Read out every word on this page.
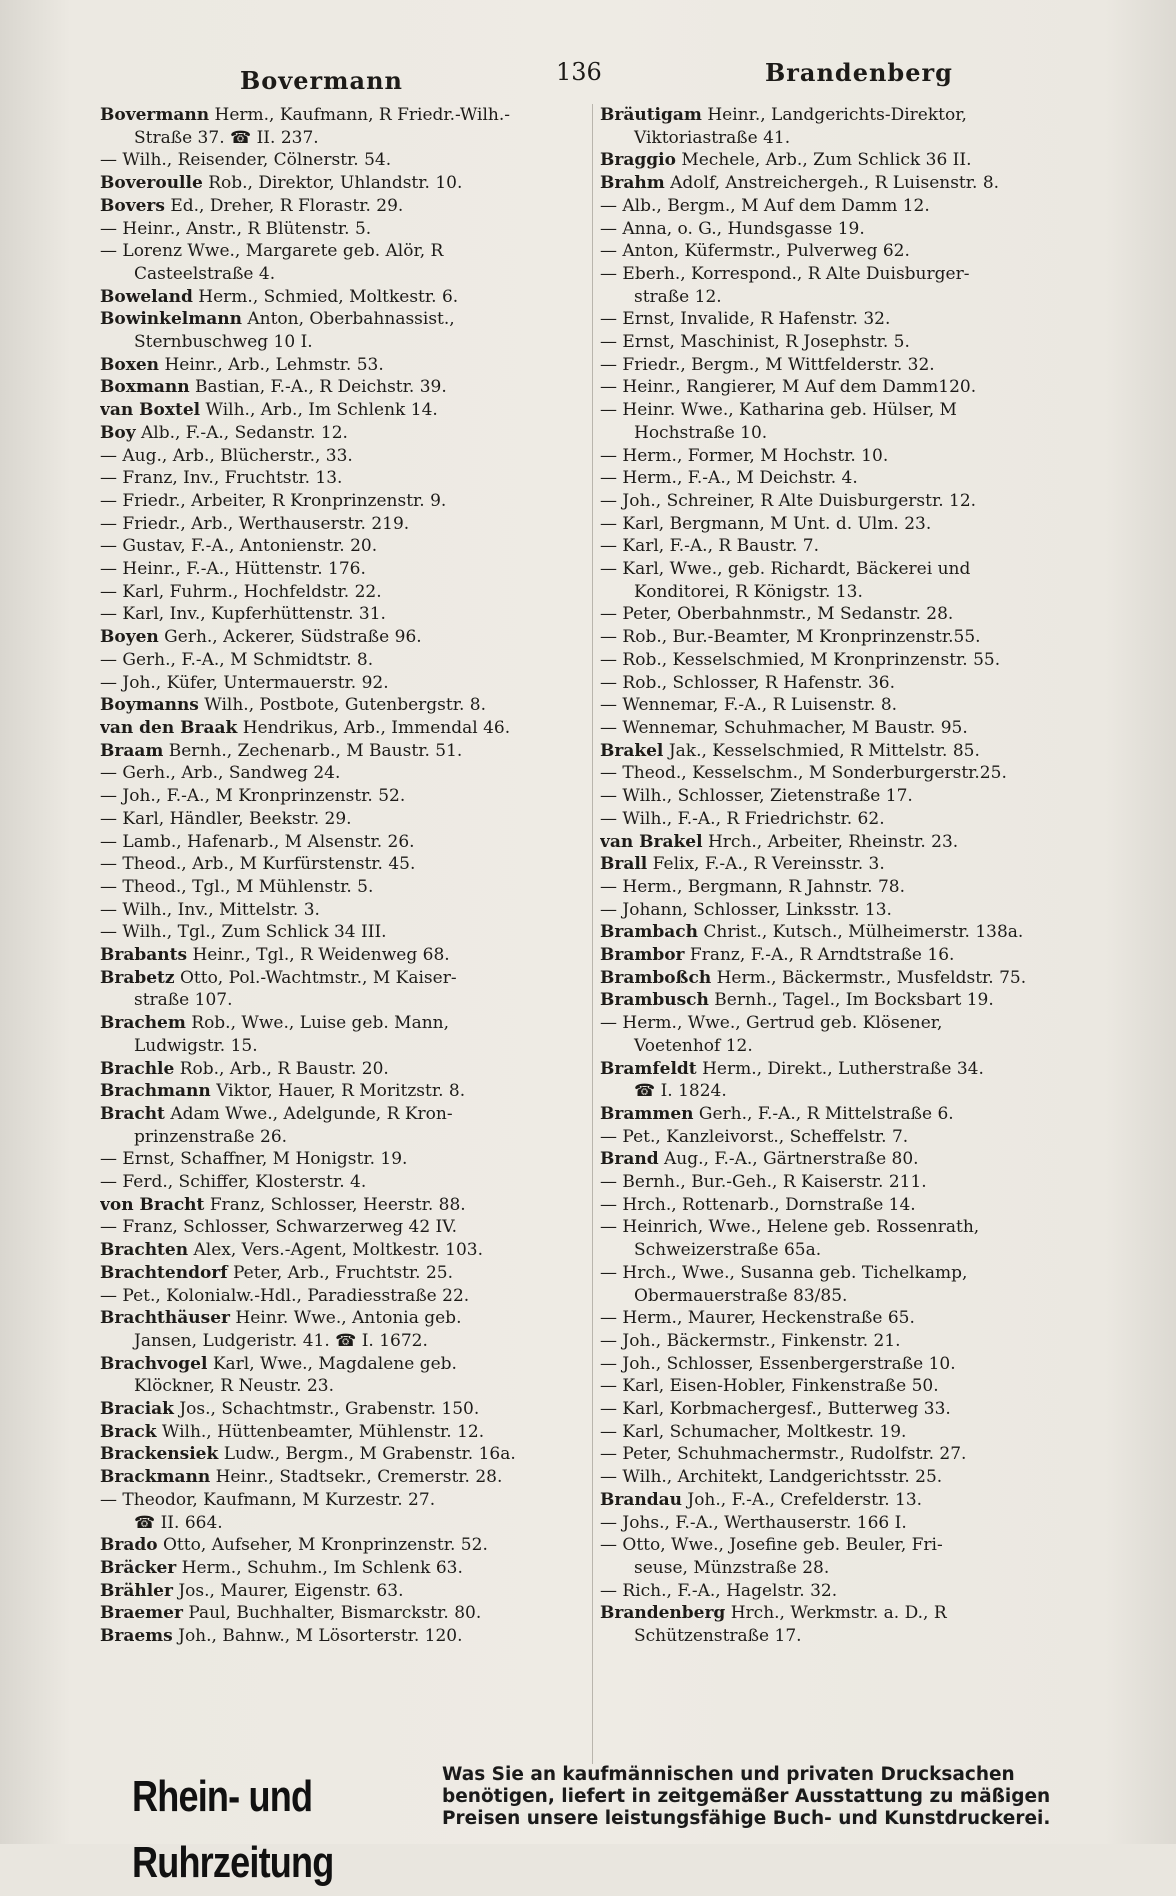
Bovermann	136	Brandenberg
Bovermann Herm., Kaufmann, R Friedr.-Wilh.-
Straße 37. ☎ II. 237.
— Wilh., Reisender, Cölnerstr. 54.
Boveroulle Rob., Direktor, Uhlandstr. 10.
Bovers Ed., Dreher, R Florastr. 29.
— Heinr., Anstr., R Blütenstr. 5.
— Lorenz Wwe., Margarete geb. Alör, R
Casteelstraße 4.
Boweland Herm., Schmied, Moltkestr. 6.
Bowinkelmann Anton, Oberbahnassist.,
Sternbuschweg 10 I.
Boxen Heinr., Arb., Lehmstr. 53.
Boxmann Bastian, F.-A., R Deichstr. 39.
van Boxtel Wilh., Arb., Im Schlenk 14.
Boy Alb., F.-A., Sedanstr. 12.
— Aug., Arb., Blücherstr., 33.
— Franz, Inv., Fruchtstr. 13.
— Friedr., Arbeiter, R Kronprinzenstr. 9.
— Friedr., Arb., Werthauserstr. 219.
— Gustav, F.-A., Antonienstr. 20.
— Heinr., F.-A., Hüttenstr. 176.
— Karl, Fuhrm., Hochfeldstr. 22.
— Karl, Inv., Kupferhüttenstr. 31.
Boyen Gerh., Ackerer, Südstraße 96.
— Gerh., F.-A., M Schmidtstr. 8.
— Joh., Küfer, Untermauerstr. 92.
Boymanns Wilh., Postbote, Gutenbergstr. 8.
van den Braak Hendrikus, Arb., Immendal 46.
Braam Bernh., Zechenarb., M Baustr. 51.
— Gerh., Arb., Sandweg 24.
— Joh., F.-A., M Kronprinzenstr. 52.
— Karl, Händler, Beekstr. 29.
— Lamb., Hafenarb., M Alsenstr. 26.
— Theod., Arb., M Kurfürstenstr. 45.
— Theod., Tgl., M Mühlenstr. 5.
— Wilh., Inv., Mittelstr. 3.
— Wilh., Tgl., Zum Schlick 34 III.
Brabants Heinr., Tgl., R Weidenweg 68.
Brabetz Otto, Pol.-Wachtmstr., M Kaiser-
straße 107.
Brachem Rob., Wwe., Luise geb. Mann,
Ludwigstr. 15.
Brachle Rob., Arb., R Baustr. 20.
Brachmann Viktor, Hauer, R Moritzstr. 8.
Bracht Adam Wwe., Adelgunde, R Kron-
prinzenstraße 26.
— Ernst, Schaffner, M Honigstr. 19.
— Ferd., Schiffer, Klosterstr. 4.
von Bracht Franz, Schlosser, Heerstr. 88.
— Franz, Schlosser, Schwarzerweg 42 IV.
Brachten Alex, Vers.-Agent, Moltkestr. 103.
Brachtendorf Peter, Arb., Fruchtstr. 25.
— Pet., Kolonialw.-Hdl., Paradiesstraße 22.
Brachthäuser Heinr. Wwe., Antonia geb.
Jansen, Ludgeristr. 41. ☎ I. 1672.
Brachvogel Karl, Wwe., Magdalene geb.
Klöckner, R Neustr. 23.
Braciak Jos., Schachtmstr., Grabenstr. 150.
Brack Wilh., Hüttenbeamter, Mühlenstr. 12.
Brackensiek Ludw., Bergm., M Grabenstr. 16a.
Brackmann Heinr., Stadtsekr., Cremerstr. 28.
— Theodor, Kaufmann, M Kurzestr. 27.
☎ II. 664.
Brado Otto, Aufseher, M Kronprinzenstr. 52.
Bräcker Herm., Schuhm., Im Schlenk 63.
Brähler Jos., Maurer, Eigenstr. 63.
Braemer Paul, Buchhalter, Bismarckstr. 80.
Braems Joh., Bahnw., M Lösorterstr. 120.
Bräutigam Heinr., Landgerichts-Direktor,
Viktoriastraße 41.
Braggio Mechele, Arb., Zum Schlick 36 II.
Brahm Adolf, Anstreichergeh., R Luisenstr. 8.
— Alb., Bergm., M Auf dem Damm 12.
— Anna, o. G., Hundsgasse 19.
— Anton, Küfermstr., Pulverweg 62.
— Eberh., Korrespond., R Alte Duisburger-
straße 12.
— Ernst, Invalide, R Hafenstr. 32.
— Ernst, Maschinist, R Josephstr. 5.
— Friedr., Bergm., M Wittfelderstr. 32.
— Heinr., Rangierer, M Auf dem Damm120.
— Heinr. Wwe., Katharina geb. Hülser, M
Hochstraße 10.
— Herm., Former, M Hochstr. 10.
— Herm., F.-A., M Deichstr. 4.
— Joh., Schreiner, R Alte Duisburgerstr. 12.
— Karl, Bergmann, M Unt. d. Ulm. 23.
— Karl, F.-A., R Baustr. 7.
— Karl, Wwe., geb. Richardt, Bäckerei und
Konditorei, R Königstr. 13.
— Peter, Oberbahnmstr., M Sedanstr. 28.
— Rob., Bur.-Beamter, M Kronprinzenstr.55.
— Rob., Kesselschmied, M Kronprinzenstr. 55.
— Rob., Schlosser, R Hafenstr. 36.
— Wennemar, F.-A., R Luisenstr. 8.
— Wennemar, Schuhmacher, M Baustr. 95.
Brakel Jak., Kesselschmied, R Mittelstr. 85.
— Theod., Kesselschm., M Sonderburgerstr.25.
— Wilh., Schlosser, Zietenstraße 17.
— Wilh., F.-A., R Friedrichstr. 62.
van Brakel Hrch., Arbeiter, Rheinstr. 23.
Brall Felix, F.-A., R Vereinsstr. 3.
— Herm., Bergmann, R Jahnstr. 78.
— Johann, Schlosser, Linksstr. 13.
Brambach Christ., Kutsch., Mülheimerstr. 138a.
Brambor Franz, F.-A., R Arndtstraße 16.
Bramboßch Herm., Bäckermstr., Musfeldstr. 75.
Brambusch Bernh., Tagel., Im Bocksbart 19.
— Herm., Wwe., Gertrud geb. Klösener,
Voetenhof 12.
Bramfeldt Herm., Direkt., Lutherstraße 34.
☎ I. 1824.
Brammen Gerh., F.-A., R Mittelstraße 6.
— Pet., Kanzleivorst., Scheffelstr. 7.
Brand Aug., F.-A., Gärtnerstraße 80.
— Bernh., Bur.-Geh., R Kaiserstr. 211.
— Hrch., Rottenarb., Dornstraße 14.
— Heinrich, Wwe., Helene geb. Rossenrath,
Schweizerstraße 65a.
— Hrch., Wwe., Susanna geb. Tichelkamp,
Obermauerstraße 83/85.
— Herm., Maurer, Heckenstraße 65.
— Joh., Bäckermstr., Finkenstr. 21.
— Joh., Schlosser, Essenbergerstraße 10.
— Karl, Eisen-Hobler, Finkenstraße 50.
— Karl, Korbmachergesf., Butterweg 33.
— Karl, Schumacher, Moltkestr. 19.
— Peter, Schuhmachermstr., Rudolfstr. 27.
— Wilh., Architekt, Landgerichtsstr. 25.
Brandau Joh., F.-A., Crefelderstr. 13.
— Johs., F.-A., Werthauserstr. 166 I.
— Otto, Wwe., Josefine geb. Beuler, Fri-
seuse, Münzstraße 28.
— Rich., F.-A., Hagelstr. 32.
Brandenberg Hrch., Werkmstr. a. D., R
Schützenstraße 17.
Rhein- und Ruhrzeitung
Was Sie an kaufmännischen und privaten Drucksachen
benötigen, liefert in zeitgemäßer Ausstattung zu mäßigen
Preisen unsere leistungsfähige Buch- und Kunstdruckerei.
